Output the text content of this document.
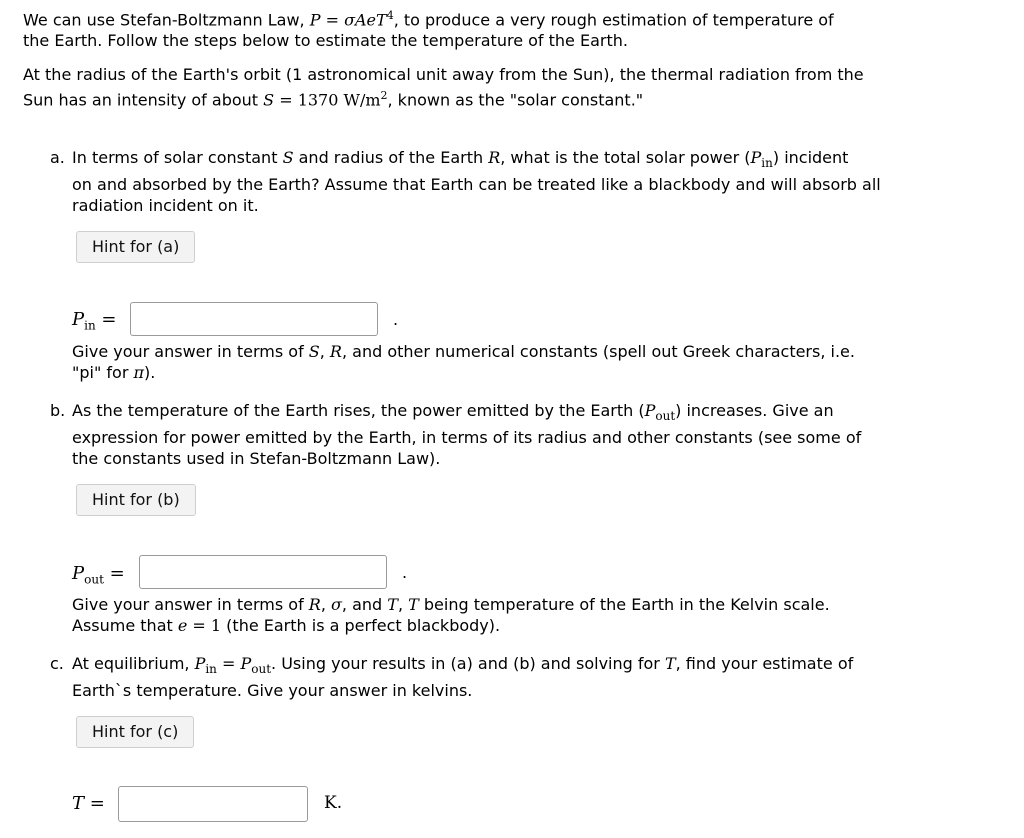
We can use Stefan-Boltzmann Law, P = σAeT$^4$, to produce a very rough estimation of temperature of
the Earth. Follow the steps below to estimate the temperature of the Earth.
At the radius of the Earth's orbit (1 astronomical unit away from the Sun), the thermal radiation from the
Sun has an intensity of about S = 1370 $W/m^2$, known as the "solar constant."
a. In terms of solar constant S and radius of the Earth R, what is the total solar power $(P_{in})$ incident
on and absorbed by the Earth? Assume that Earth can be treated like a blackbody and will absorb all
radiation incident on it.
Hint for (a)
$P_{in}$ =	.
Give your answer in terms of S, R, and other numerical constants (spell out Greek characters, i.e.
"pi" for π).
b. As the temperature of the Earth rises, the power emitted by the Earth $(P_{out})$ increases. Give an
expression for power emitted by the Earth, in terms of its radius and other constants (see some of
the constants used in Stefan-Boltzmann Law).
Hint for (b)
$P_{out}$ =	.
Give your answer in terms of R, σ, and T, T being temperature of the Earth in the Kelvin scale.
Assume that e = 1 (the Earth is a perfect blackbody).
c. At equilibrium, $P_{in} = P_{out}$. Using your results in (a) and (b) and solving for T, find your estimate of
Earth`s temperature. Give your answer in kelvins.
Hint for (c)
T =	K.
